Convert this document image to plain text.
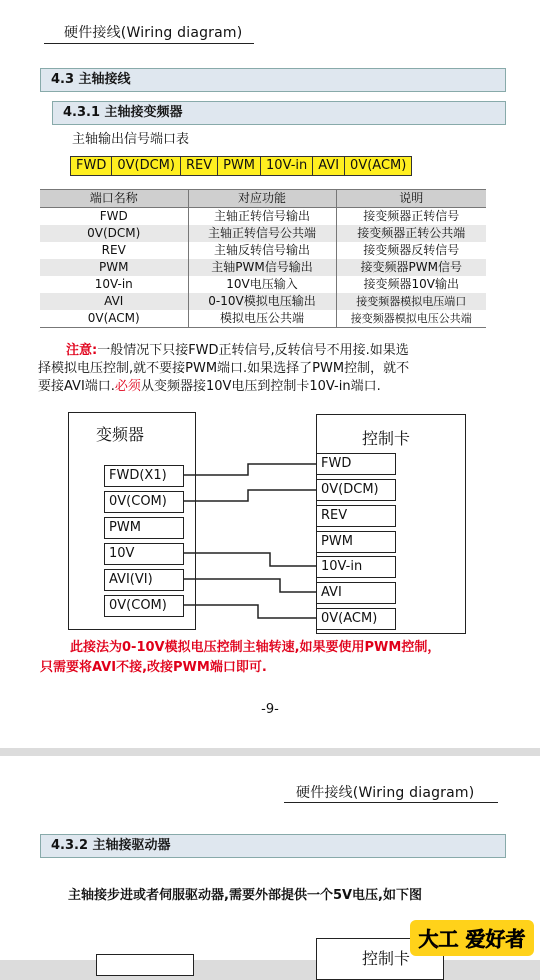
硬件接线(Wiring diagram)
4.3 主轴接线
4.3.1 主轴接变频器
主轴输出信号端口表
FWD 0V(DCM) REV PWM 10V-in AVI 0V(ACM)
端口名称	对应功能	说明
FWD	主轴正转信号输出	接变频器正转信号
0V(DCM)	主轴正转信号公共端	接变频器正转公共端
REV	主轴反转信号输出	接变频器反转信号
PWM	主轴PWM信号输出	接变频器PWM信号
10V-in	10V电压输入	接变频器10V输出
AVI	0-10V模拟电压输出	接变频器模拟电压端口
0V(ACM)	模拟电压公共端	接变频器模拟电压公共端
注意:一般情况下只接FWD正转信号,反转信号不用接.如果选
择模拟电压控制,就不要接PWM端口.如果选择了PWM控制，就不
要接AVI端口.必须从变频器接10V电压到控制卡10V-in端口.
变频器	控制卡
FWD(X1)
0V(COM)
PWM
10V
AVI(VI)
0V(COM)
FWD
0V(DCM)
REV
PWM
10V-in
AVI
0V(ACM)
此接法为0-10V模拟电压控制主轴转速,如果要使用PWM控制，
只需要将AVI不接,改接PWM端口即可.
-9-
硬件接线(Wiring diagram)
4.3.2 主轴接驱动器
主轴接步进或者伺服驱动器,需要外部提供一个5V电压,如下图
控制卡
大工 爱好者
